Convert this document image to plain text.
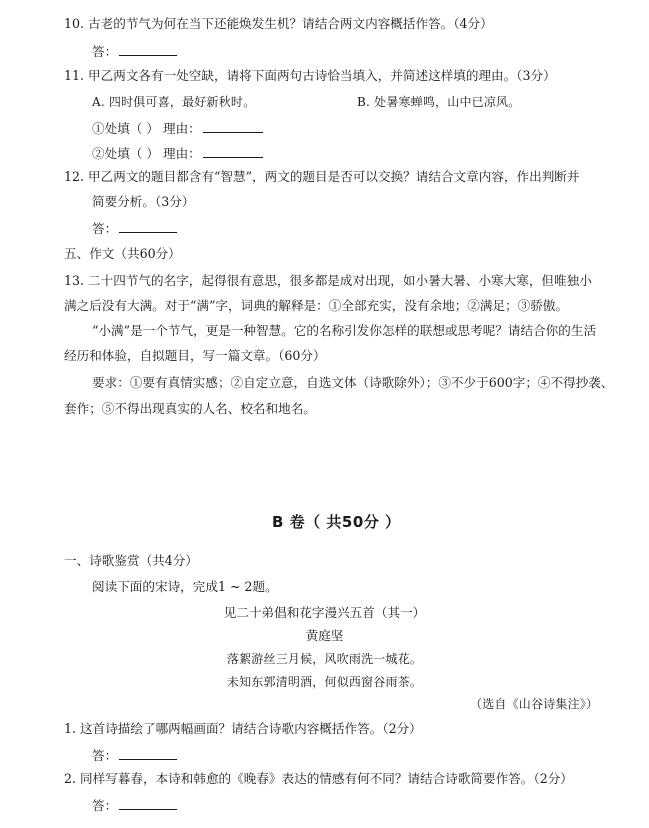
10. 古老的节气为何在当下还能焕发生机？请结合两文内容概括作答。（4分）
答：
11. 甲乙两文各有一处空缺，请将下面两句古诗恰当填入，并简述这样填的理由。（3分）
A. 四时俱可喜，最好新秋时。	B. 处暑寒蝉鸣，山中已凉风。
①处填（ ） 理由：
②处填（ ） 理由：
12. 甲乙两文的题目都含有“智慧”，两文的题目是否可以交换？请结合文章内容，作出判断并
简要分析。（3分）
答：
五、作文（共60分）
13. 二十四节气的名字，起得很有意思，很多都是成对出现，如小暑大暑、小寒大寒，但唯独小
满之后没有大满。对于“满”字，词典的解释是：①全部充实，没有余地；②满足；③骄傲。
“小满”是一个节气，更是一种智慧。它的名称引发你怎样的联想或思考呢？请结合你的生活
经历和体验，自拟题目，写一篇文章。（60分）
要求：①要有真情实感；②自定立意，自选文体（诗歌除外）；③不少于600字；④不得抄袭、
套作；⑤不得出现真实的人名、校名和地名。
B 卷（ 共50分 ）
一、诗歌鉴赏（共4分）
阅读下面的宋诗，完成1 ~ 2题。
见二十弟倡和花字漫兴五首（其一）
黄庭坚
落絮游丝三月候，风吹雨洗一城花。
未知东郭清明酒，何似西窗谷雨茶。
（选自《山谷诗集注》）
1. 这首诗描绘了哪两幅画面？请结合诗歌内容概括作答。（2分）
答：
2. 同样写暮春，本诗和韩愈的《晚春》表达的情感有何不同？请结合诗歌简要作答。（2分）
答：
